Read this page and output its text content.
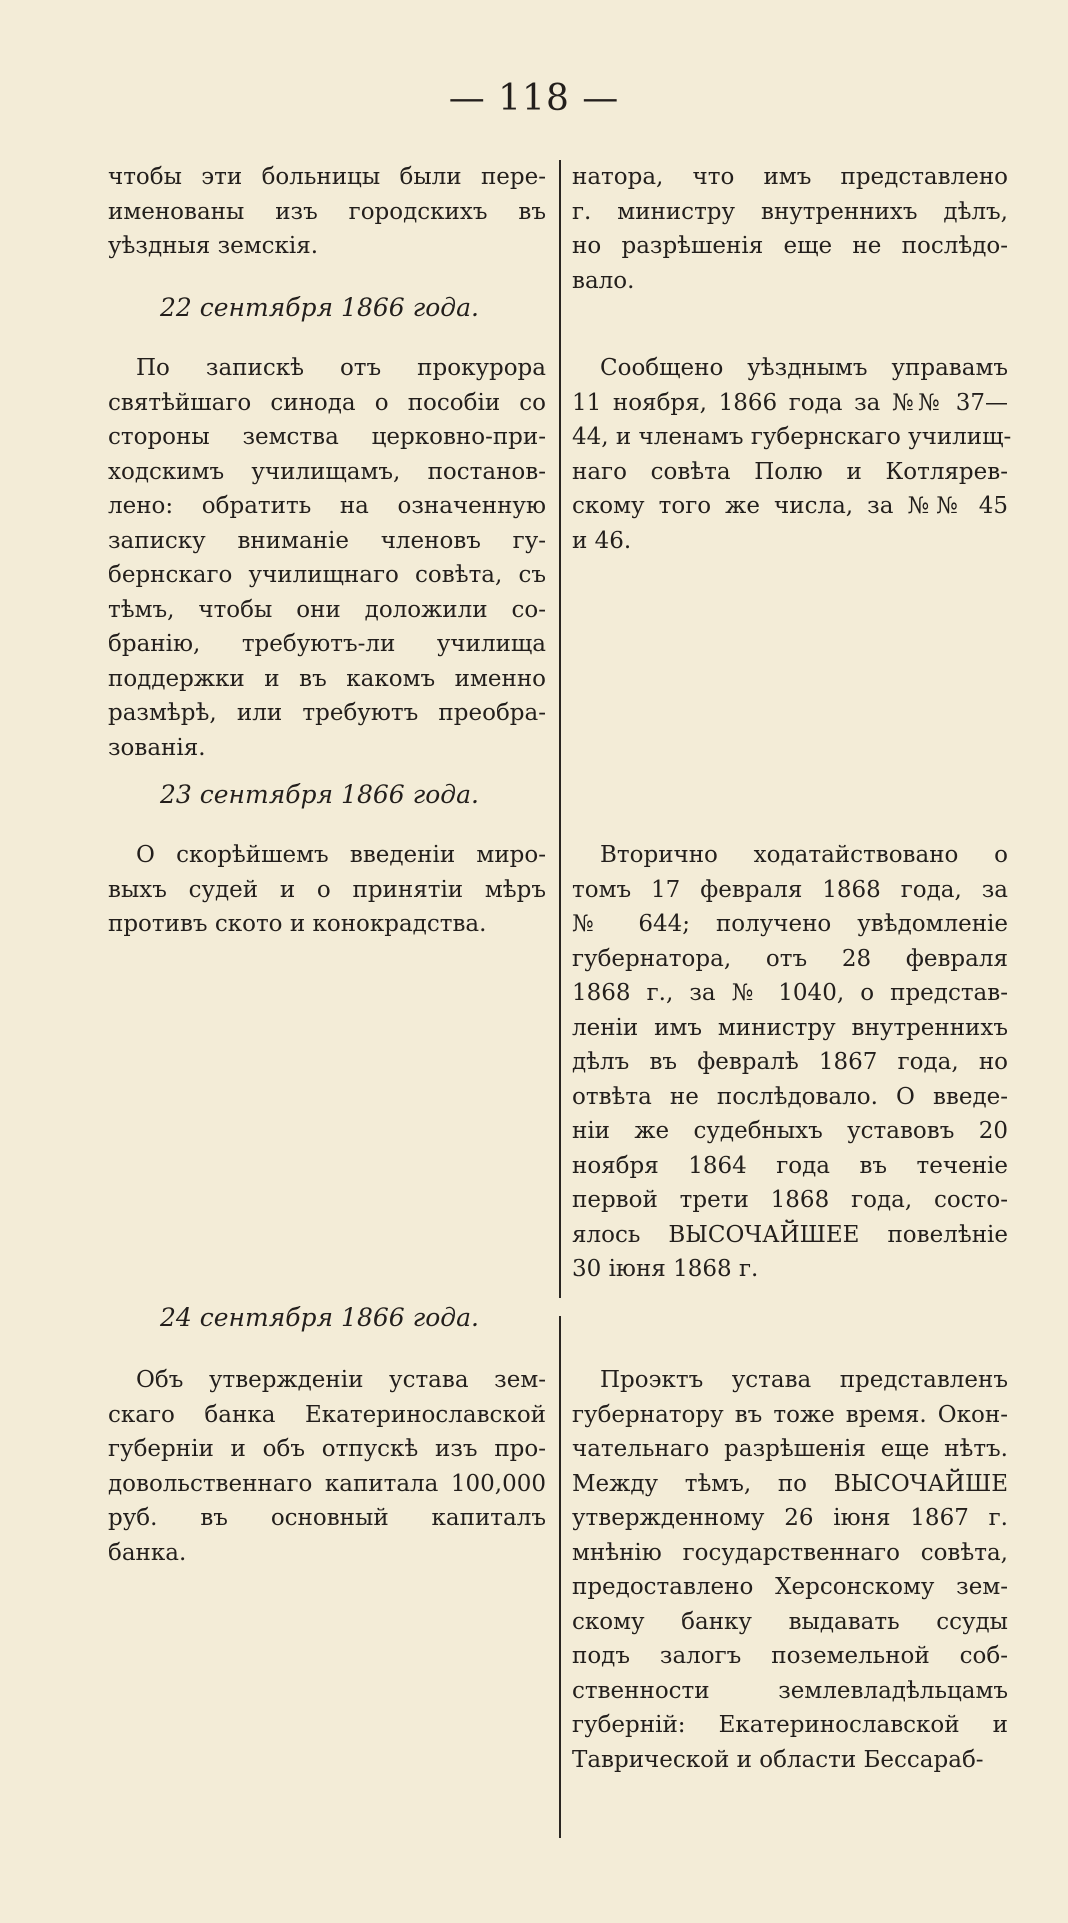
— 118 —
чтобы эти больницы были пере-
именованы изъ городскихъ въ
уѣздныя земскія.
22 сентября 1866 года.
По запискѣ отъ прокурора
святѣйшаго синода о пособіи со
стороны земства церковно-при-
ходскимъ училищамъ, постанов-
лено: обратить на означенную
записку вниманіе членовъ гу-
бернскаго училищнаго совѣта, съ
тѣмъ, чтобы они доложили со-
бранію, требуютъ-ли училища
поддержки и въ какомъ именно
размѣрѣ, или требуютъ преобра-
зованія.
23 сентября 1866 года.
О скорѣйшемъ введеніи миро-
выхъ судей и о принятіи мѣръ
противъ ското и конокрадства.
24 сентября 1866 года.
Объ утвержденіи устава зем-
скаго банка Екатеринославской
губерніи и объ отпускѣ изъ про-
довольственнаго капитала 100,000
руб. въ основный капиталъ
банка.
натора, что имъ представлено
г. министру внутреннихъ дѣлъ,
но разрѣшенія еще не послѣдо-
вало.
Сообщено уѣзднымъ управамъ
11 ноября, 1866 года за №№ 37—
44, и членамъ губернскаго училищ-
наго совѣта Полю и Котлярев-
скому того же числа, за №№ 45
и 46.
Вторично ходатайствовано о
томъ 17 февраля 1868 года, за
№ 644; получено увѣдомленіе
губернатора, отъ 28 февраля
1868 г., за № 1040, о представ-
леніи имъ министру внутреннихъ
дѣлъ въ февралѣ 1867 года, но
отвѣта не послѣдовало. О введе-
ніи же судебныхъ уставовъ 20
ноября 1864 года въ теченіе
первой трети 1868 года, состо-
ялось ВЫСОЧАЙШЕЕ повелѣніе
30 іюня 1868 г.
Проэктъ устава представленъ
губернатору въ тоже время. Окон-
чательнаго разрѣшенія еще нѣтъ.
Между тѣмъ, по ВЫСОЧАЙШЕ
утвержденному 26 іюня 1867 г.
мнѣнію государственнаго совѣта,
предоставлено Херсонскому зем-
скому банку выдавать ссуды
подъ залогъ поземельной соб-
ственности землевладѣльцамъ
губерній: Екатеринославской и
Таврической и области Бессараб-
